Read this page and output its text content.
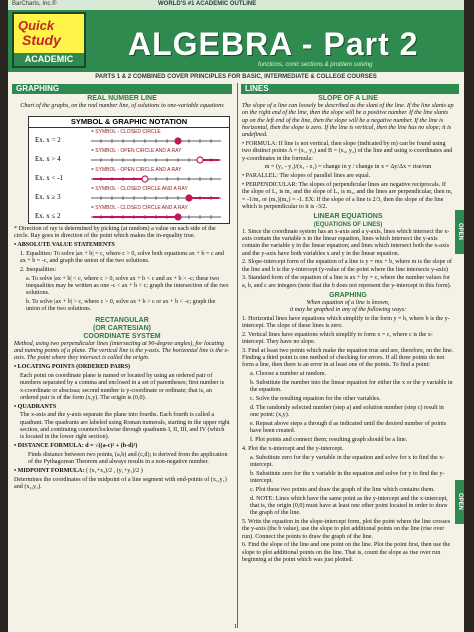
BarCharts, Inc.®	WORLD'S #1 ACADEMIC OUTLINE
ALGEBRA - Part 2
functions, conic sections & problem solving
Quick
Study
ACADEMIC
PARTS 1 & 2 COMBINED COVER PRINCIPLES FOR BASIC, INTERMEDIATE & COLLEGE COURSES
GRAPHING
REAL NUMBER LINE

Chart of the graphs, on the real number line, of solutions to one-variable equations

SYMBOL & GRAPHIC NOTATION
= SYMBOL - CLOSED CIRCLE
Ex. x = 2
= SYMBOL - OPEN CIRCLE AND A RAY
Ex. x > 4
= SYMBOL - OPEN CIRCLE AND A RAY
Ex. x < -1
= SYMBOL - CLOSED CIRCLE AND A RAY
Ex. x ≥ 3
= SYMBOL - CLOSED CIRCLE AND A RAY
Ex. x ≤ 2

* Direction of ray is determined by picking (at random) a value on each side of the circle. Ray goes in direction of the point which makes the in-equality true.

• ABSOLUTE VALUE STATEMENTS

1. Equalities: To solve |ax + b| = c, where c > 0, solve both equations ax + b = c and ax + b = -c, and graph the union of the two solutions.

2. Inequalities:

a. To solve |ax + b| < c, where c > 0, solve ax + b < c and ax + b > -c; these two inequalities may be written as one -c < ax + b < c; graph the intersection of the two solutions.

b. To solve |ax + b| > c, where c > 0, solve ax + b > c or ax + b < -c; graph the union of the two solutions.

RECTANGULAR
(OR CARTESIAN)
COORDINATE SYSTEM

Method, using two perpendicular lines (intersecting at 90-degree angles), for locating and naming points of a plane. The vertical line is the y-axis. The horizontal line is the x-axis. The point where they intersect is called the origin.

• LOCATING POINTS (ORDERED PAIRS)

Each point on coordinate plane is named or located by using an ordered pair of numbers separated by a comma and enclosed in a set of parentheses; first number is x-coordinate or abscissa; second number is y-coordinate or ordinate; that is, an ordered pair is of the form (x,y). The origin is (0,0).

• QUADRANTS

The x-axis and the y-axis separate the plane into fourths. Each fourth is called a quadrant. The quadrants are labeled using Roman numerals, starting in the upper right section, and continuing counterclockwise through quadrants I, II, III, and IV (which is located in the lower right section).

• DISTANCE FORMULA: d = √((a-c)² + (b-d)²)

Finds distance between two points, (a,b) and (c,d); is derived from the application of the Pythagorean Theorem and always results in a non-negative number.

• MIDPOINT FORMULA: ( (x₁+x₂)/2 , (y₁+y₂)/2 )

Determines the coordinates of the midpoint of a line segment with end-points of (x₁,y₁) and (x₂,y₂).

LINES
SLOPE OF A LINE

The slope of a line can loosely be described as the slant of the line. If the line slants up on the right end of the line, then the slope will be a positive number. If the line slants up on the left end of the line, then the slope will be a negative number. If the line is horizontal, then the slope is zero. If the line is vertical, then the line has no slope; it is undefined.

• FORMULA: If line is not vertical, then slope (indicated by m) can be found using two distinct points A = (x₁, y₁) and B = (x₂, y₂) of the line and using x-coordinates and y-coordinates in the formula:

m = (y₂ - y₁)/(x₂ - x₁) = change in y / change in x = Δy/Δx = rise/run

• PARALLEL: The slopes of parallel lines are equal.

• PERPENDICULAR: The slopes of perpendicular lines are negative reciprocals. If the slope of L₁ is m₁ and the slope of L₂ is m₂, and the lines are perpendicular, then m₁ = -1/m₂ or (m₁)(m₂) = -1. EX: If the slope of a line is 2/3, then the slope of the line which is perpendicular to it is -3/2.

LINEAR EQUATIONS
(EQUATIONS OF LINES)

1. Since the coordinate system has an x-axis and a y-axis, lines which intersect the x-axis contain the variable x in the linear equation, lines which intersect the y-axis contain the variable y in the linear equation; and lines which intersect both the x-axis and the y-axis have both variables x and y in the linear equation.

2. Slope-intercept form of the equation of a line is y = mx + b, where m is the slope of the line and b is the y-intercept (y-value of the point where the line intersects y-axis)

3. Standard form of the equation of a line is ax + by = c, where the number values for a, b, and c are integers (note that the b does not represent the y-intercept in this form).

GRAPHING

When equation of a line is known,

it may be graphed in any of the following ways:

1. Horizontal lines have equations which simplify to the form y = b, where b is the y-intercept. The slope of these lines is zero.

2. Vertical lines have equations which simplify to form x = c, where c is the x-intercept. They have no slope.

3. Find at least two points which make the equation true and are, therefore, on the line. Finding a third point is one method of checking for errors. If all three points do not form a line, then there is an error in at least one of the points. To find a point:

a. Choose a number at random.

b. Substitute the number into the linear equation for either the x or the y variable in the equation.

c. Solve the resulting equation for the other variables.

d. The randomly selected number (step a) and solution number (step c) result in one point: (x,y).

e. Repeat above steps a through d as indicated until the desired number of points have been created.

f. Plot points and connect them; resulting graph should be a line.

4. Plot the x-intercept and the y-intercept.

a. Substitute zero for the y variable in the equation and solve for x to find the x-intercept.

b. Substitute zero for the x variable in the equation and solve for y to find the y-intercept.

c. Plot these two points and draw the graph of the line which contains them.

d. NOTE: Lines which have the same point as the y-intercept and the x-intercept, that is, the origin (0,0) must have at least one other point located in order to draw the graph of the line.

5. Write the equation in the slope-intercept form, plot the point where the line crosses the y-axis (the b value), use the slope to plot additional points on the line (rise over run). Connect the points to draw the graph of the line.

6. Find the slope of the line and one point on the line. Plot the point first, then use the slope to plot additional points on the line. That is, count the slope as rise over run beginning at the point which was just plotted.

OPEN
OPEN
1
